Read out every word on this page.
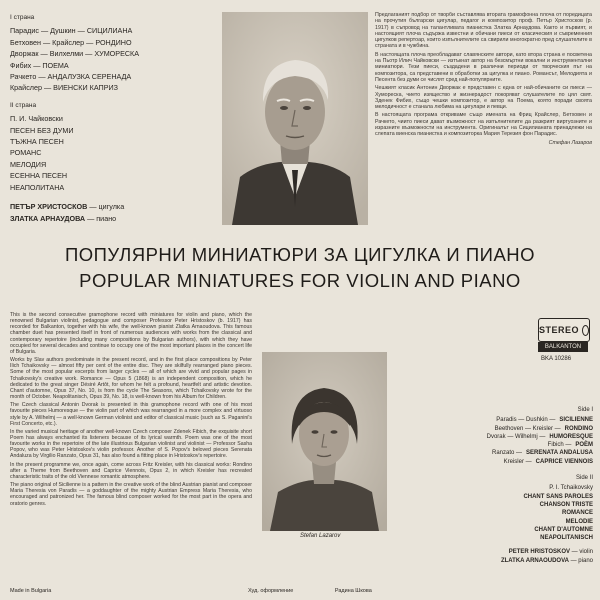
I страна
Парадис — Душкин — СИЦИЛИАНА
Бетховен — Крайслер — РОНДИНО
Дворжак — Вилхелми — ХУМОРЕСКА
Фибих — ПОЕМА
Рачкето — АНДАЛУЗКА СЕРЕНАДА
Крайслер — ВИЕНСКИ КАПРИЗ
II страна
П. И. Чайковски
ПЕСЕН БЕЗ ДУМИ
ТЪЖНА ПЕСЕН
РОМАНС
МЕЛОДИЯ
ЕСЕННА ПЕСЕН
НЕАПОЛИТАНА
ПЕТЪР ХРИСТОСКОВ — цигулка
ЗЛАТКА АРНАУДОВА — пиано

Предлаганият подбор от творби съставлява втората грамофонна плоча от поредицата на прочутия български цигулар, педагог и композитор проф. Петър Христосков (р. 1917) в съпровод на талантливата пианистка Златка Арнаудова. Както и първият, и настоящият плоча съдържа известни и обичани пиеси от класическия и съвременния цигулков репертоар, които изпълнителите са свирили многократно пред слушателите в страната и в чужбина.

В настоящата плоча преобладават славянските автори, като втора страна е посветена на Пьотр Илич Чайковски — изтъкнат автор на безсмъртни вокални и инструментални миниатюри. Тези пиеси, създадени в различни периоди от творческия път на композитора, са представени в обработки за цигулка и пиано. Романсът, Мелодията и Песента без думи се числят сред най-популярните.

Чешкият класик Антонин Дворжак е представен с една от най-обичаните си пиеси — Хумореска, чието изящество и жизнерадост покоряват слушателите по цял свят. Зденек Фибих, също чешки композитор, е автор на Поема, която поради своята мелодичност е станала любима на цигулари и певци.

В настоящата програма откриваме също имената на Фриц Крайслер, Бетховен и Рачкето, чиито пиеси дават възможност на изпълнителите да разкрият виртуозните и изразните възможности на инструмента. Оригиналът на Сицилианата принадлежи на слепата виенска пианистка и композиторка Мария Терезия фон Парадис.

Стефан Лазаров
ПОПУЛЯРНИ МИНИАТЮРИ ЗА ЦИГУЛКА И ПИАНО
POPULAR MINIATURES FOR VIOLIN AND PIANO

This is the second consecutive gramophone record with miniatures for violin and piano, which the renowned Bulgarian violinist, pedagogue and composer Professor Peter Hristoskov (b. 1917) has recorded for Balkanton, together with his wife, the well-known pianist Zlatka Arnaoudova. This famous chamber duet has presented itself in front of numerous audiences with works from the classical and contemporary repertoire (including many compositions by Bulgarian authors), with which they have occupied for several decades and continue to occupy one of the most important places in the concert life of Bulgaria.

Works by Slav authors predominate in the present record, and in the first place compositions by Peter Ilich Tchaikovsky — almost fifty per cent of the entire disc. They are skilfully rearranged piano pieces. Some of the most popular excerpts from larger cycles — all of which are vivid and popular pages in Tchaikovsky's creative work. Romance — Opus 5 (1868) is an independent composition, which he dedicated to the great singer Désiré Artôt, for whom he felt a profound, heartfelt and artistic devotion. Chant d'automne, Opus 37, No. 10, is from the cycle The Seasons, which Tchaikovsky wrote for the month of October. Neapolitanisch, Opus 39, No. 18, is well-known from his Album for Children.

The Czech classical Antonin Dvorak is presented in this gramophone record with one of his most favourite pieces Humoresque — the violin part of which was rearranged in a more complex and virtuoso style by A. Wilhelmj — a well-known German violinist and editor of classical music (such as S. Paganini's First Concerto, etc.).

In the varied musical heritage of another well-known Czech composer Zdenek Fibich, the exquisite short Poem has always enchanted its listeners because of its lyrical warmth. Poem was one of the most favourite works in the repertoire of the late illustrious Bulgarian violinist and violinist — Professor Sasha Popov, who was Peter Hristoskov's violin professor. Another of S. Popov's beloved pieces Serenata Andaluza by Virgilio Ranzato, Opus 31, has also found a fitting place in Hristoskov's repertoire.

In the present programme we, once again, come across Fritz Kreisler, with his classical works: Rondino after a Theme from Beethoven and Caprice Viennois, Opus 2, in which Kreisler has recreated characteristic traits of the old Viennese romantic atmosphere.

The piano original of Sicilienne is a pattern in the creative work of the blind Austrian pianist and composer Maria Theresia von Paradis — a goddaughter of the mighty Austrian Empress Maria Theresia, who encouraged and patronized her. The famous blind composer worked for the most part in the opera and oratorio genres.

Stefan Lazarov
STEREO
BALKANTON
BKA 10286
Side I
Paradis — Dushkin — SICILIENNE
Beethoven — Kreisler — RONDINO
Dvorak — Wilhelmj — HUMORESQUE
Fibich — POÈM
Ranzato — SERENATA ANDALUSA
Kreisler — CAPRICE VIENNOIS
Side II
P. I. Tchaikovsky
CHANT SANS PAROLES
CHANSON TRISTE
ROMANCE
MELODIE
CHANT D'AUTOMNE
NEAPOLITANISCH
PETER HRISTOSKOV
— violin
ZLATKA ARNAOUDOVA
— piano
Made in Bulgaria	Худ. оформление	Радина Шкова
